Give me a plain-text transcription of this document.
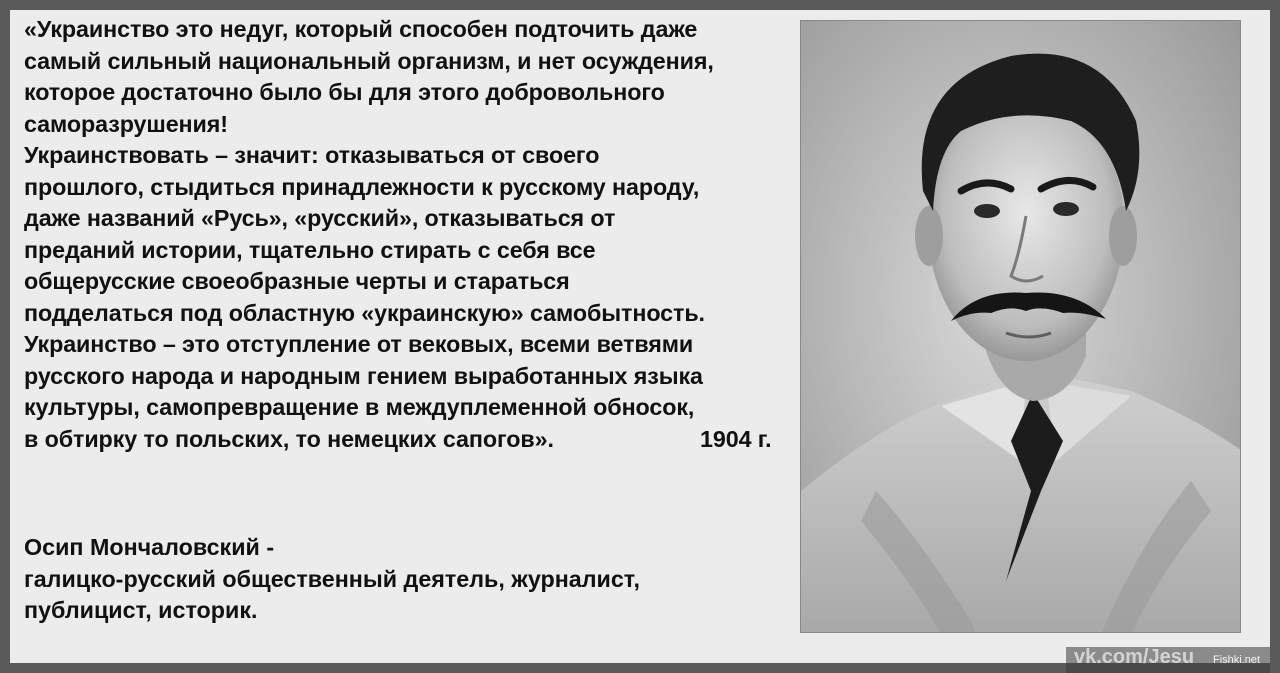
«Украинство это недуг, который способен подточить даже
самый сильный национальный организм, и нет осуждения,
которое достаточно было бы для этого добровольного
саморазрушения!
Украинствовать – значит: отказываться от своего
прошлого, стыдиться принадлежности к русскому народу,
даже названий «Русь», «русский», отказываться от
преданий истории, тщательно стирать с себя все
общерусские своеобразные черты и стараться
подделаться под областную «украинскую» самобытность.
Украинство – это отступление от вековых, всеми ветвями
русского народа и народным гением выработанных языка
культуры, самопревращение в междуплеменной обносок,
в обтирку то польских, то немецких сапогов».	1904 г.
Осип Мончаловский -
галицко-русский общественный деятель, журналист,
публицист, историк.
vk.com/Jesu Fishki.net
